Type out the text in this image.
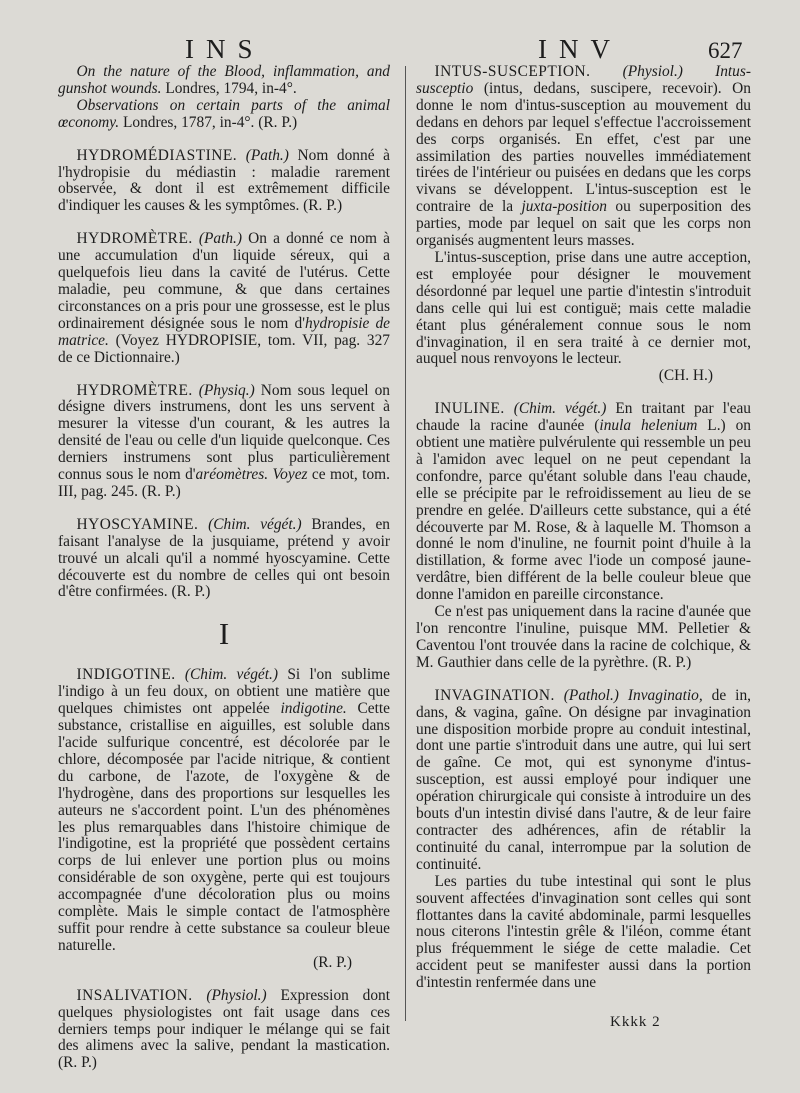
INS	INV	627

On the nature of the Blood, inflammation, and gunshot wounds. Londres, 1794, in-4°.

Observations on certain parts of the animal œconomy. Londres, 1787, in-4°. (R. P.)

HYDROMÉDIASTINE. (Path.) Nom donné à l'hydropisie du médiastin : maladie rarement observée, & dont il est extrêmement difficile d'indiquer les causes & les symptômes. (R. P.)

HYDROMÈTRE. (Path.) On a donné ce nom à une accumulation d'un liquide séreux, qui a quelquefois lieu dans la cavité de l'utérus. Cette maladie, peu commune, & que dans certaines circonstances on a pris pour une grossesse, est le plus ordinairement désignée sous le nom d'hydropisie de matrice. (Voyez HYDROPISIE, tom. VII, pag. 327 de ce Dictionnaire.)

HYDROMÈTRE. (Physiq.) Nom sous lequel on désigne divers instrumens, dont les uns servent à mesurer la vitesse d'un courant, & les autres la densité de l'eau ou celle d'un liquide quelconque. Ces derniers instrumens sont plus particulièrement connus sous le nom d'aréomètres. Voyez ce mot, tom. III, pag. 245. (R. P.)

HYOSCYAMINE. (Chim. végét.) Brandes, en faisant l'analyse de la jusquiame, prétend y avoir trouvé un alcali qu'il a nommé hyoscyamine. Cette découverte est du nombre de celles qui ont besoin d'être confirmées. (R. P.)

I

INDIGOTINE. (Chim. végét.) Si l'on sublime l'indigo à un feu doux, on obtient une matière que quelques chimistes ont appelée indigotine. Cette substance, cristallise en aiguilles, est soluble dans l'acide sulfurique concentré, est décolorée par le chlore, décomposée par l'acide nitrique, & contient du carbone, de l'azote, de l'oxygène & de l'hydrogène, dans des proportions sur lesquelles les auteurs ne s'accordent point. L'un des phénomènes les plus remarquables dans l'histoire chimique de l'indigotine, est la propriété que possèdent certains corps de lui enlever une portion plus ou moins considérable de son oxygène, perte qui est toujours accompagnée d'une décoloration plus ou moins complète. Mais le simple contact de l'atmosphère suffit pour rendre à cette substance sa couleur bleue naturelle.

(R. P.)

INSALIVATION. (Physiol.) Expression dont quelques physiologistes ont fait usage dans ces derniers temps pour indiquer le mélange qui se fait des alimens avec la salive, pendant la mastication. (R. P.)

INTUS-SUSCEPTION. (Physiol.) Intus-susceptio (intus, dedans, suscipere, recevoir). On donne le nom d'intus-susception au mouvement du dedans en dehors par lequel s'effectue l'accroissement des corps organisés. En effet, c'est par une assimilation des parties nouvelles immédiatement tirées de l'intérieur ou puisées en dedans que les corps vivans se développent. L'intus-susception est le contraire de la juxta-position ou superposition des parties, mode par lequel on sait que les corps non organisés augmentent leurs masses.

L'intus-susception, prise dans une autre acception, est employée pour désigner le mouvement désordonné par lequel une partie d'intestin s'introduit dans celle qui lui est contiguë; mais cette maladie étant plus généralement connue sous le nom d'invagination, il en sera traité à ce dernier mot, auquel nous renvoyons le lecteur.

(CH. H.)

INULINE. (Chim. végét.) En traitant par l'eau chaude la racine d'aunée (inula helenium L.) on obtient une matière pulvérulente qui ressemble un peu à l'amidon avec lequel on ne peut cependant la confondre, parce qu'étant soluble dans l'eau chaude, elle se précipite par le refroidissement au lieu de se prendre en gelée. D'ailleurs cette substance, qui a été découverte par M. Rose, & à laquelle M. Thomson a donné le nom d'inuline, ne fournit point d'huile à la distillation, & forme avec l'iode un composé jaune-verdâtre, bien différent de la belle couleur bleue que donne l'amidon en pareille circonstance.

Ce n'est pas uniquement dans la racine d'aunée que l'on rencontre l'inuline, puisque MM. Pelletier & Caventou l'ont trouvée dans la racine de colchique, & M. Gauthier dans celle de la pyrèthre. (R. P.)

INVAGINATION. (Pathol.) Invaginatio, de in, dans, & vagina, gaîne. On désigne par invagination une disposition morbide propre au conduit intestinal, dont une partie s'introduit dans une autre, qui lui sert de gaîne. Ce mot, qui est synonyme d'intus-susception, est aussi employé pour indiquer une opération chirurgicale qui consiste à introduire un des bouts d'un intestin divisé dans l'autre, & de leur faire contracter des adhérences, afin de rétablir la continuité du canal, interrompue par la solution de continuité.

Les parties du tube intestinal qui sont le plus souvent affectées d'invagination sont celles qui sont flottantes dans la cavité abdominale, parmi lesquelles nous citerons l'intestin grêle & l'iléon, comme étant plus fréquemment le siége de cette maladie. Cet accident peut se manifester aussi dans la portion d'intestin renfermée dans une

Kkkk 2
